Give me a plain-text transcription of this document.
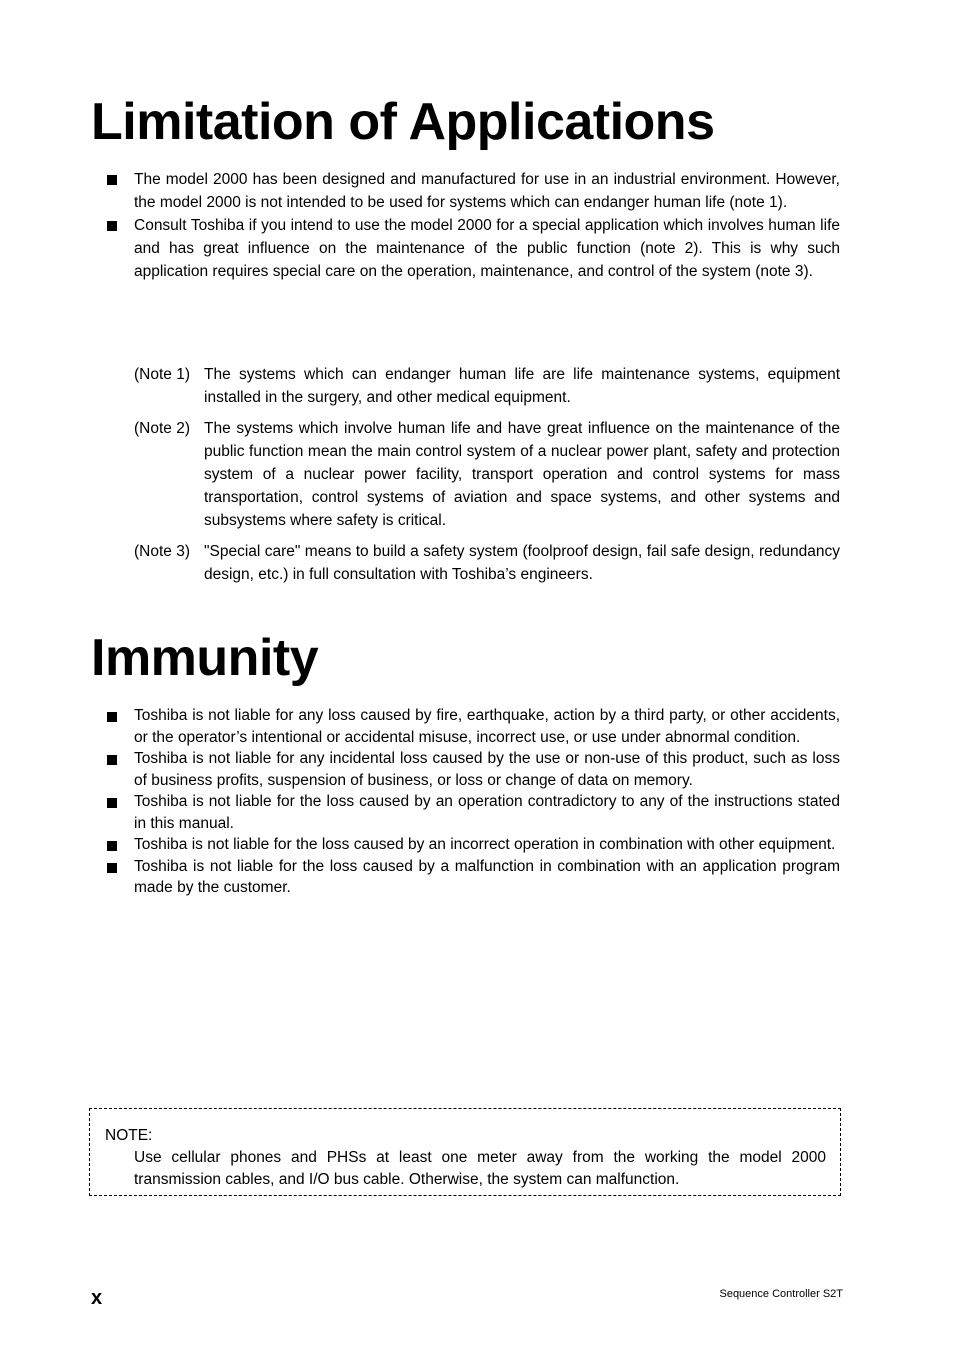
Limitation of Applications
The model 2000 has been designed and manufactured for use in an industrial environment. However, the model 2000 is not intended to be used for systems which can endanger human life (note 1).
Consult Toshiba if you intend to use the model 2000 for a special application which involves human life and has great influence on the maintenance of the public function (note 2). This is why such application requires special care on the operation, maintenance, and control of the system (note 3).
(Note 1) The systems which can endanger human life are life maintenance systems, equipment installed in the surgery, and other medical equipment.
(Note 2) The systems which involve human life and have great influence on the maintenance of the public function mean the main control system of a nuclear power plant, safety and protection system of a nuclear power facility, transport operation and control systems for mass transportation, control systems of aviation and space systems, and other systems and subsystems where safety is critical.
(Note 3) "Special care" means to build a safety system (foolproof design, fail safe design, redundancy design, etc.) in full consultation with Toshiba’s engineers.
Immunity
Toshiba is not liable for any loss caused by fire, earthquake, action by a third party, or other accidents, or the operator’s intentional or accidental misuse, incorrect use, or use under abnormal condition.
Toshiba is not liable for any incidental loss caused by the use or non-use of this product, such as loss of business profits, suspension of business, or loss or change of data on memory.
Toshiba is not liable for the loss caused by an operation contradictory to any of the instructions stated in this manual.
Toshiba is not liable for the loss caused by an incorrect operation in combination with other equipment.
Toshiba is not liable for the loss caused by a malfunction in combination with an application program made by the customer.
NOTE:
Use cellular phones and PHSs at least one meter away from the working the model 2000 transmission cables, and I/O bus cable. Otherwise, the system can malfunction.
x	Sequence Controller S2T
